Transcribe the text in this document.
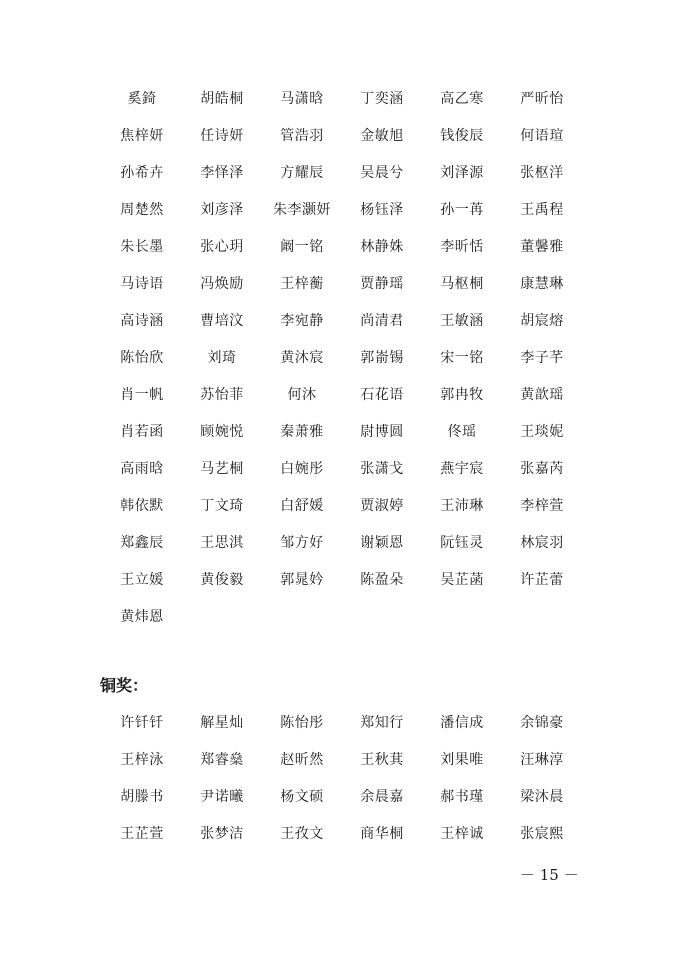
奚錡	胡皓桐	马潇晗	丁奕涵	高乙寒	严昕怡
焦梓妍	任诗妍	管浩羽	金敏旭	钱俊辰	何语瑄
孙希卉	李怿泽	方耀辰	吴晨兮	刘泽源	张枢洋
周楚然	刘彦泽	朱李灏妍	杨钰泽	孙一苒	王禹程
朱长墨	张心玥	阚一铭	林静姝	李昕恬	董馨雅
马诗语	冯焕励	王梓蘅	贾静瑶	马枢桐	康慧琳
高诗涵	曹培汶	李宛静	尚清君	王敏涵	胡宸熔
陈怡欣	刘琦	黄沐宸	郭嵛锡	宋一铭	李子芊
肖一帆	苏怡菲	何沐	石花语	郭冉牧	黄歆瑶
肖若函	顾婉悦	秦萧雅	尉博圆	佟瑶	王琰妮
高雨晗	马艺桐	白婉彤	张潇戈	燕宇宸	张嘉芮
韩依默	丁文琦	白舒媛	贾淑婷	王沛琳	李梓萱
郑鑫辰	王思淇	邹方好	谢颖恩	阮钰灵	林宸羽
王立媛	黄俊毅	郭晁妗	陈盈朵	吴芷菡	许芷蕾
黄炜恩
铜奖：
许钎钎	解星灿	陈怡彤	郑知行	潘信成	余锦豪
王梓泳	郑睿燊	赵昕然	王秋萁	刘果唯	汪琳淳
胡滕书	尹诺曦	杨文硕	余晨嘉	郝书瑾	梁沐晨
王芷萱	张梦洁	王孜文	商华桐	王梓诚	张宸熙
－ 15 －
